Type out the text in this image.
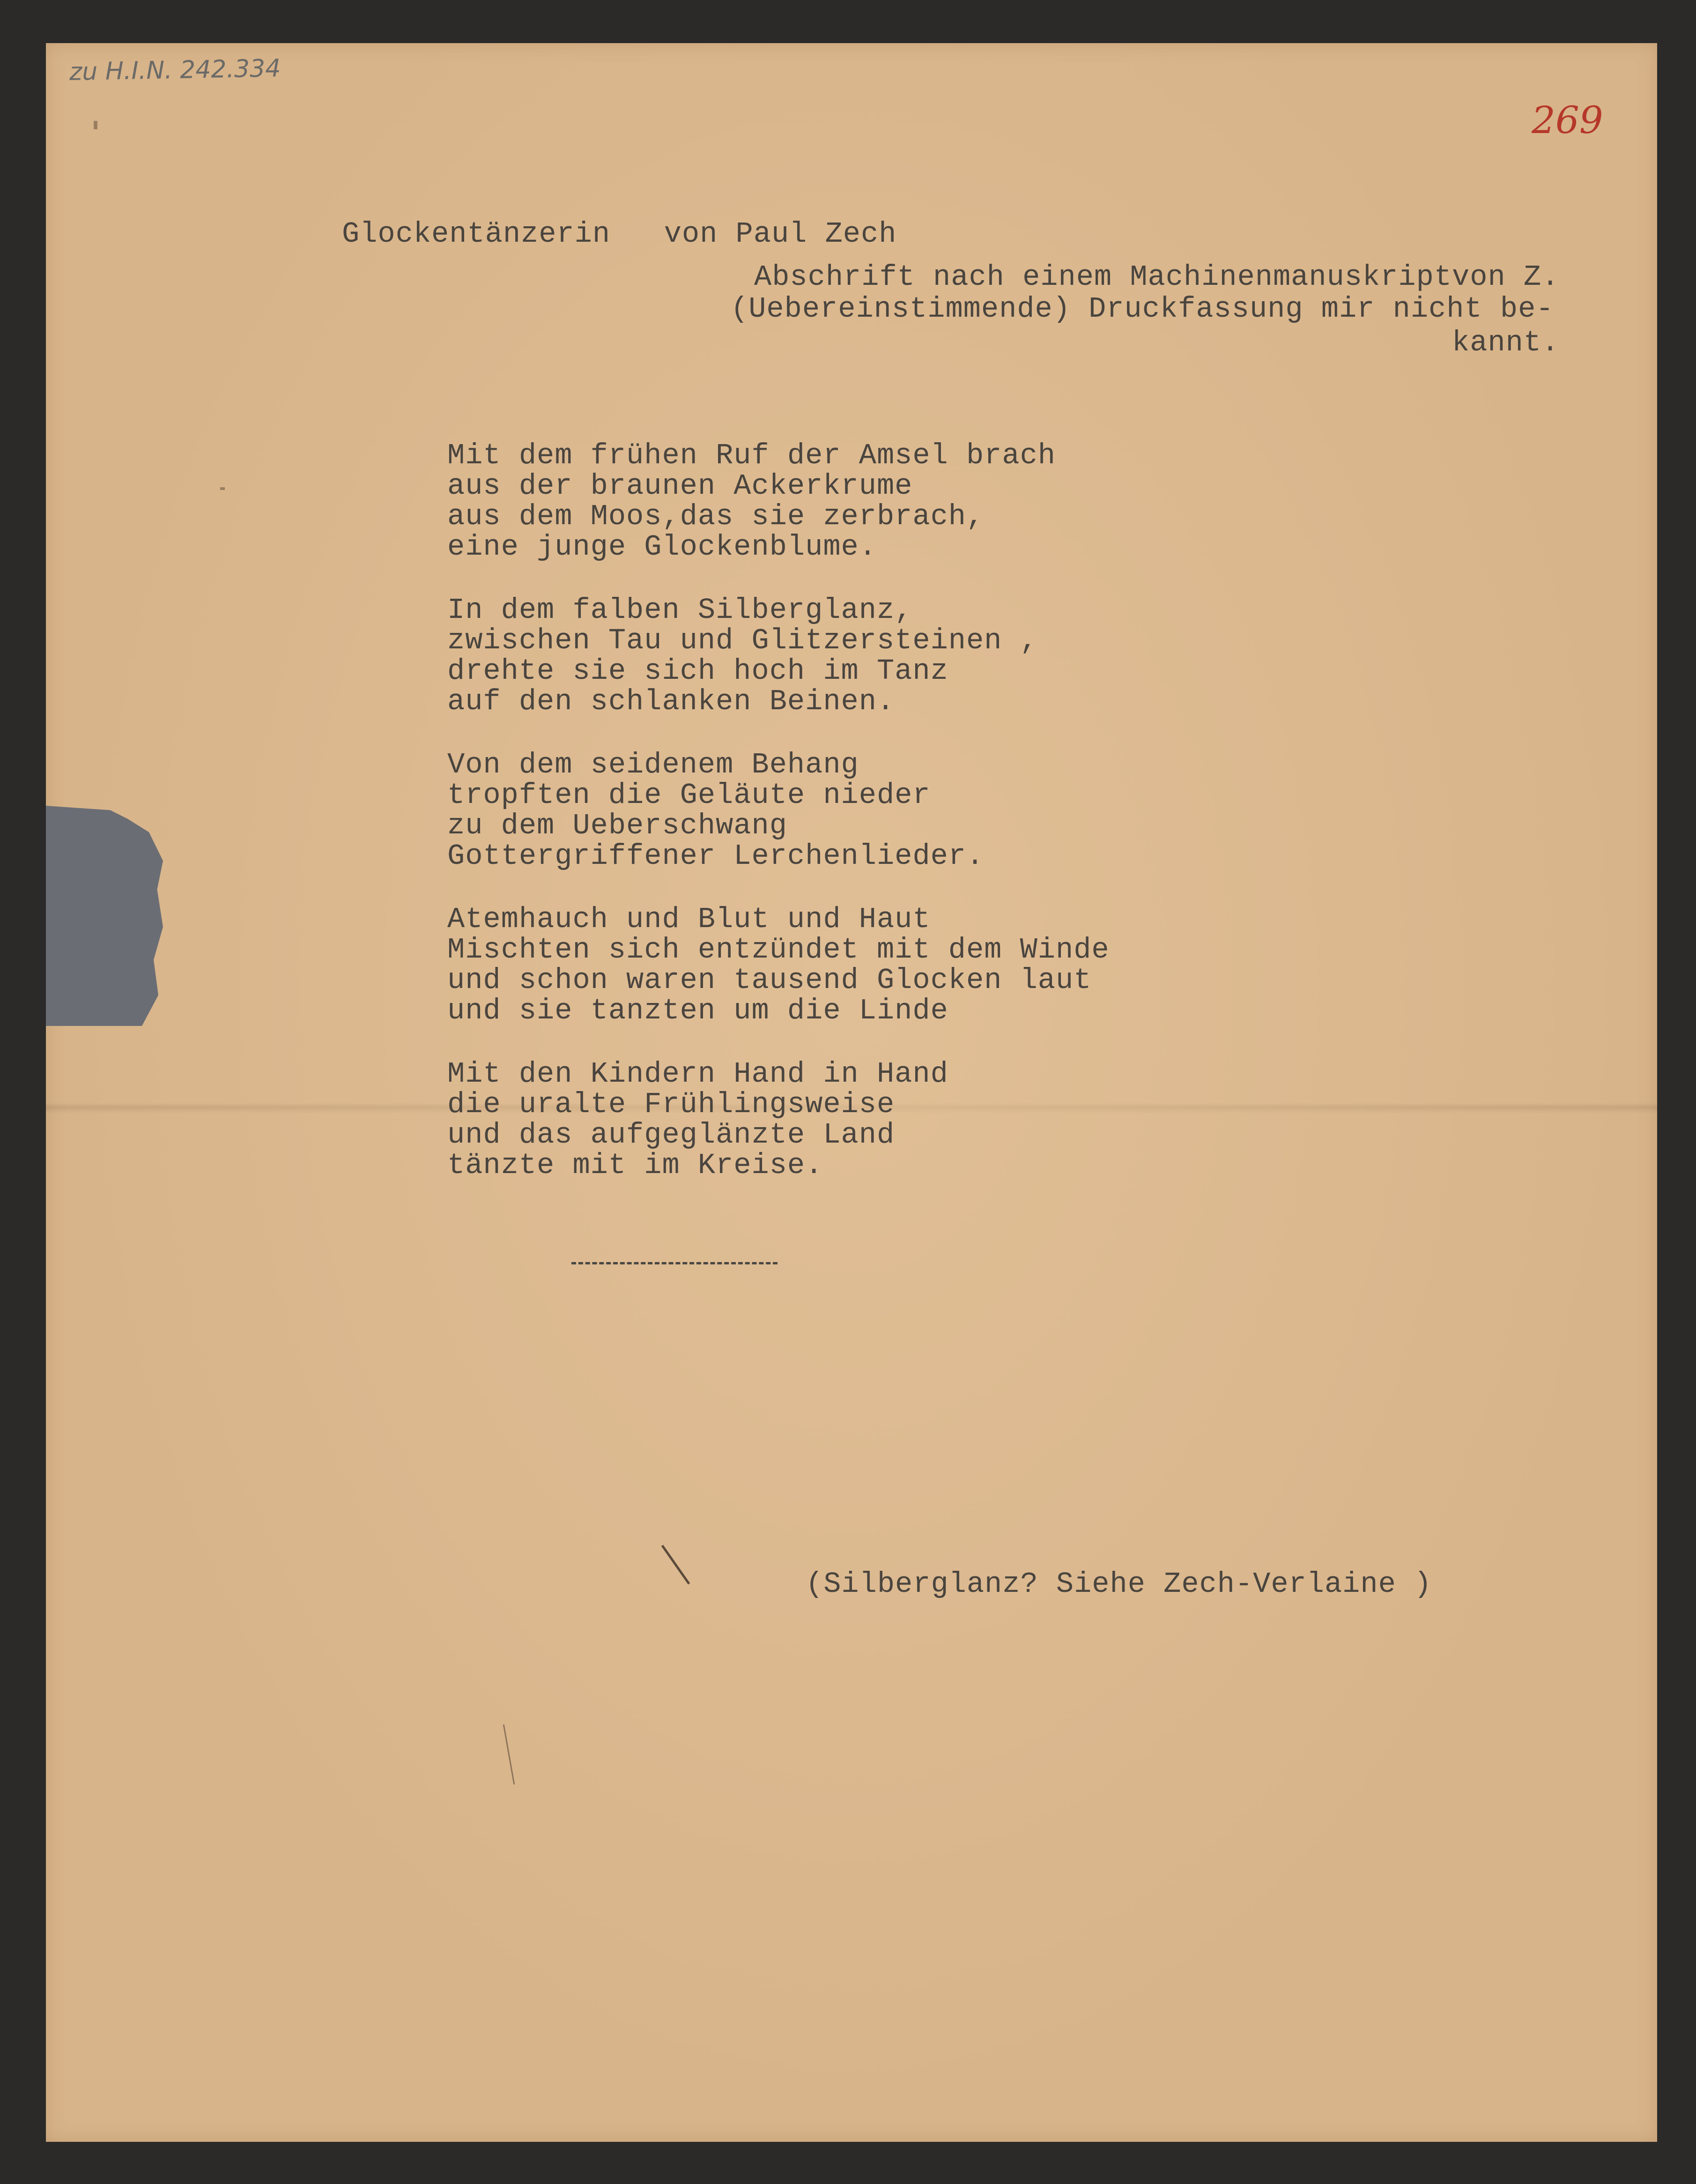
zu H.I.N. 242.334
269
Glockentänzerin   von Paul Zech
Abschrift nach einem Machinenmanuskriptvon Z.
(Uebereinstimmende) Druckfassung mir nicht be-
kannt.
Mit dem frühen Ruf der Amsel brach
aus der braunen Ackerkrume
aus dem Moos,das sie zerbrach,
eine junge Glockenblume.
In dem falben Silberglanz,
zwischen Tau und Glitzersteinen ,
drehte sie sich hoch im Tanz
auf den schlanken Beinen.
Von dem seidenem Behang
tropften die Geläute nieder
zu dem Ueberschwang
Gottergriffener Lerchenlieder.
Atemhauch und Blut und Haut
Mischten sich entzündet mit dem Winde
und schon waren tausend Glocken laut
und sie tanzten um die Linde
Mit den Kindern Hand in Hand
die uralte Frühlingsweise
und das aufgeglänzte Land
tänzte mit im Kreise.
(Silberglanz? Siehe Zech-Verlaine )
